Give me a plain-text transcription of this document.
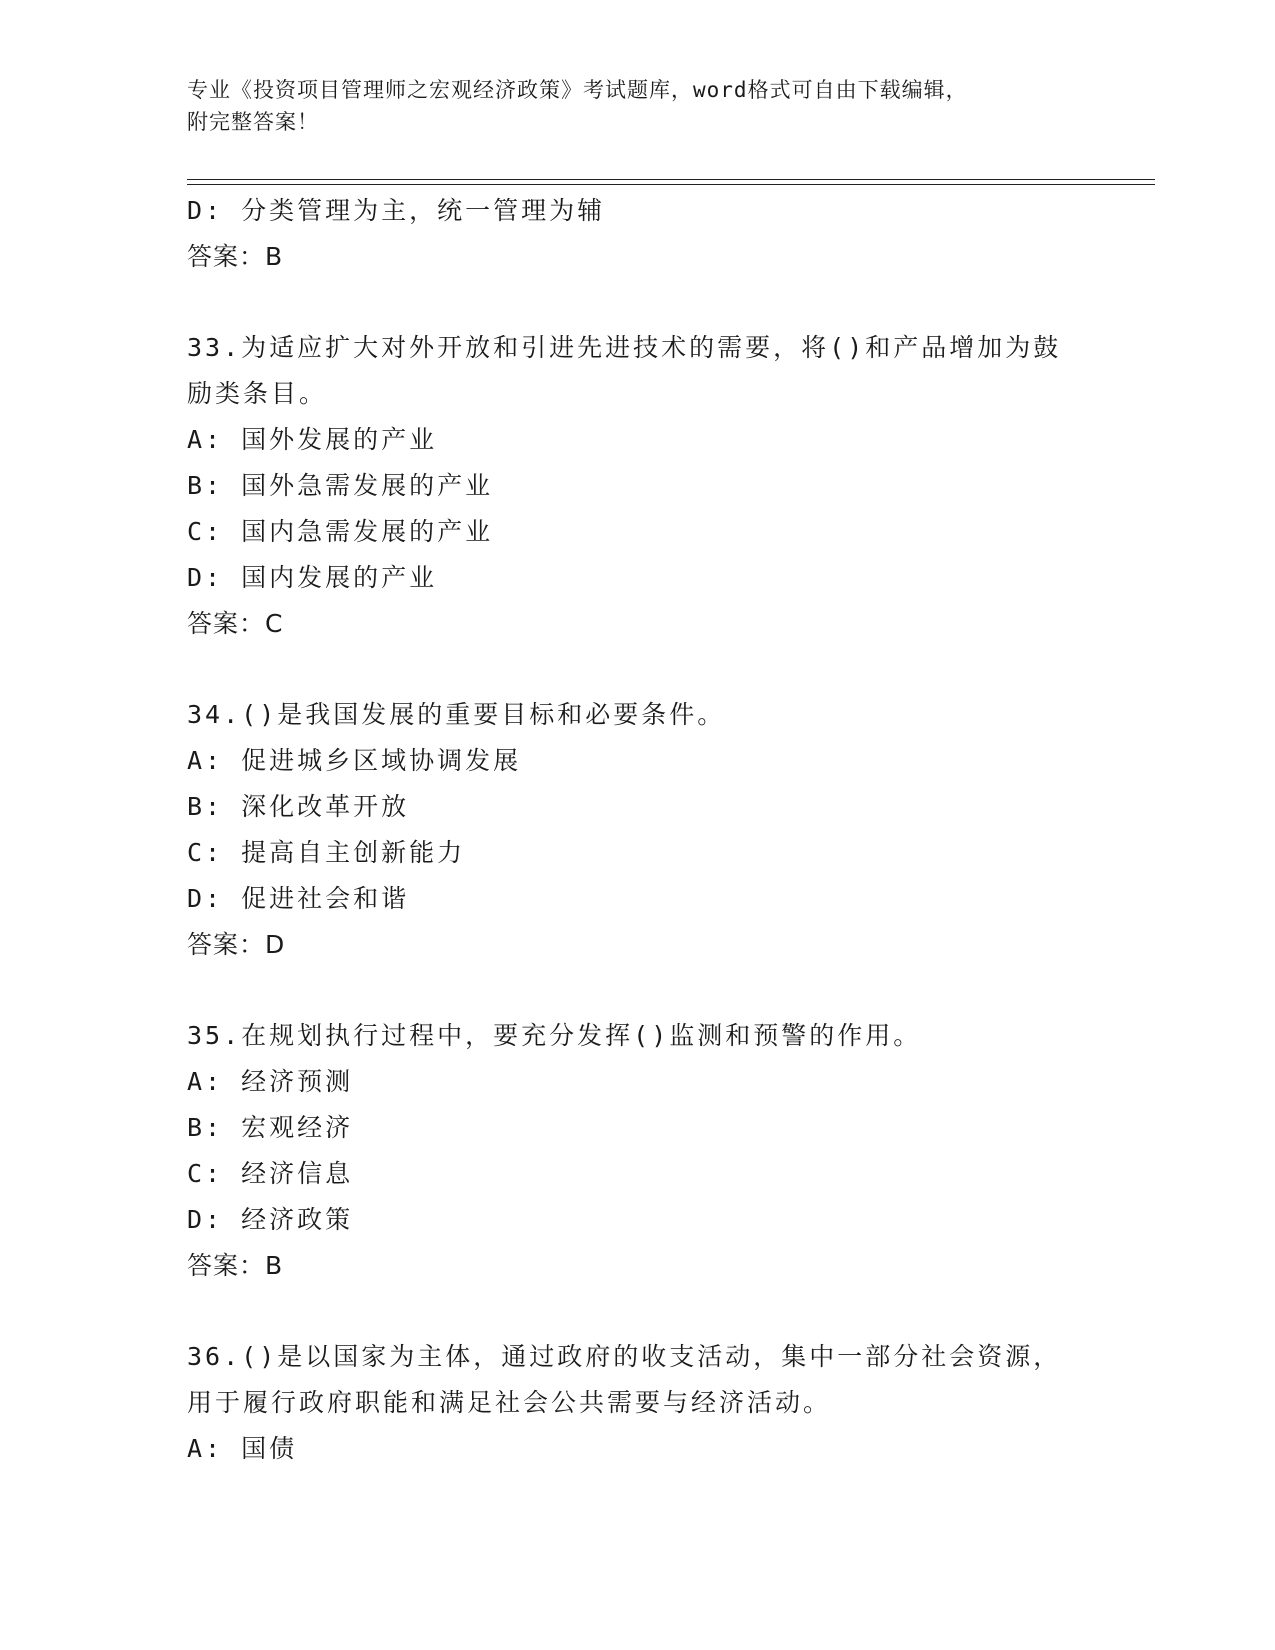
专业《投资项目管理师之宏观经济政策》考试题库，word格式可自由下载编辑，
附完整答案！
D: 分类管理为主，统一管理为辅
答案：B
33.为适应扩大对外开放和引进先进技术的需要，将()和产品增加为鼓
励类条目。
A: 国外发展的产业
B: 国外急需发展的产业
C: 国内急需发展的产业
D: 国内发展的产业
答案：C
34.()是我国发展的重要目标和必要条件。
A: 促进城乡区域协调发展
B: 深化改革开放
C: 提高自主创新能力
D: 促进社会和谐
答案：D
35.在规划执行过程中，要充分发挥()监测和预警的作用。
A: 经济预测
B: 宏观经济
C: 经济信息
D: 经济政策
答案：B
36.()是以国家为主体，通过政府的收支活动，集中一部分社会资源，
用于履行政府职能和满足社会公共需要与经济活动。
A: 国债
